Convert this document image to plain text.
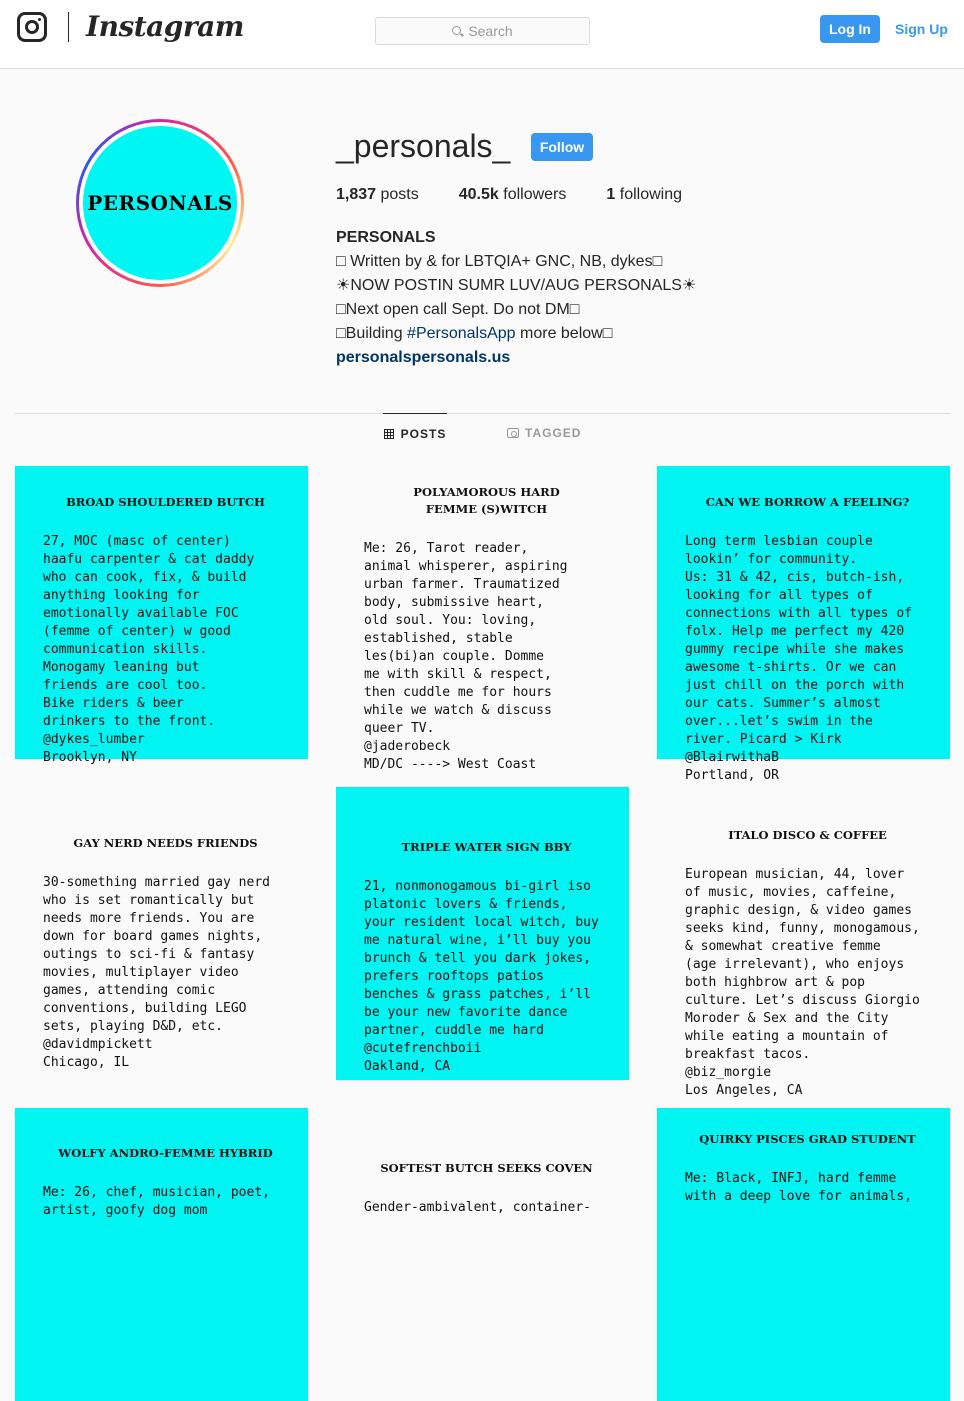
Instagram	Search	Log In	Sign Up
PERSONALS
_personals_	Follow
1,837 posts	40.5k followers	1 following
PERSONALS
□ Written by & for LBTQIA+ GNC, NB, dykes□
☀NOW POSTIN SUMR LUV/AUG PERSONALS☀
□Next open call Sept. Do not DM□
□Building #PersonalsApp more below□
personalspersonals.us
POSTS	TAGGED

BROAD SHOULDERED BUTCH

27, MOC (masc of center)
haafu carpenter & cat daddy
who can cook, fix, & build
anything looking for
emotionally available FOC
(femme of center) w good
communication skills.
Monogamy leaning but
friends are cool too.
Bike riders & beer
drinkers to the front.
@dykes_lumber
Brooklyn, NY

POLYAMOROUS HARD
FEMME (S)WITCH

Me: 26, Tarot reader,
animal whisperer, aspiring
urban farmer. Traumatized
body, submissive heart,
old soul. You: loving,
established, stable
les(bi)an couple. Domme
me with skill & respect,
then cuddle me for hours
while we watch & discuss
queer TV.
@jaderobeck
MD/DC ----> West Coast

CAN WE BORROW A FEELING?

Long term lesbian couple
lookin’ for community.
Us: 31 & 42, cis, butch-ish,
looking for all types of
connections with all types of
folx. Help me perfect my 420
gummy recipe while she makes
awesome t-shirts. Or we can
just chill on the porch with
our cats. Summer’s almost
over...let’s swim in the
river. Picard > Kirk
@BlairwithaB
Portland, OR

GAY NERD NEEDS FRIENDS

30-something married gay nerd
who is set romantically but
needs more friends. You are
down for board games nights,
outings to sci-fi & fantasy
movies, multiplayer video
games, attending comic
conventions, building LEGO
sets, playing D&D, etc.
@davidmpickett
Chicago, IL

TRIPLE WATER SIGN BBY

21, nonmonogamous bi-girl iso
platonic lovers & friends,
your resident local witch, buy
me natural wine, i’ll buy you
brunch & tell you dark jokes,
prefers rooftops patios
benches & grass patches, i’ll
be your new favorite dance
partner, cuddle me hard
@cutefrenchboii
Oakland, CA

ITALO DISCO & COFFEE

European musician, 44, lover
of music, movies, caffeine,
graphic design, & video games
seeks kind, funny, monogamous,
& somewhat creative femme
(age irrelevant), who enjoys
both highbrow art & pop
culture. Let’s discuss Giorgio
Moroder & Sex and the City
while eating a mountain of
breakfast tacos.
@biz_morgie
Los Angeles, CA

WOLFY ANDRO-FEMME HYBRID

Me: 26, chef, musician, poet,
artist, goofy dog mom

SOFTEST BUTCH SEEKS COVEN

Gender-ambivalent, container-

QUIRKY PISCES GRAD STUDENT

Me: Black, INFJ, hard femme
with a deep love for animals,
